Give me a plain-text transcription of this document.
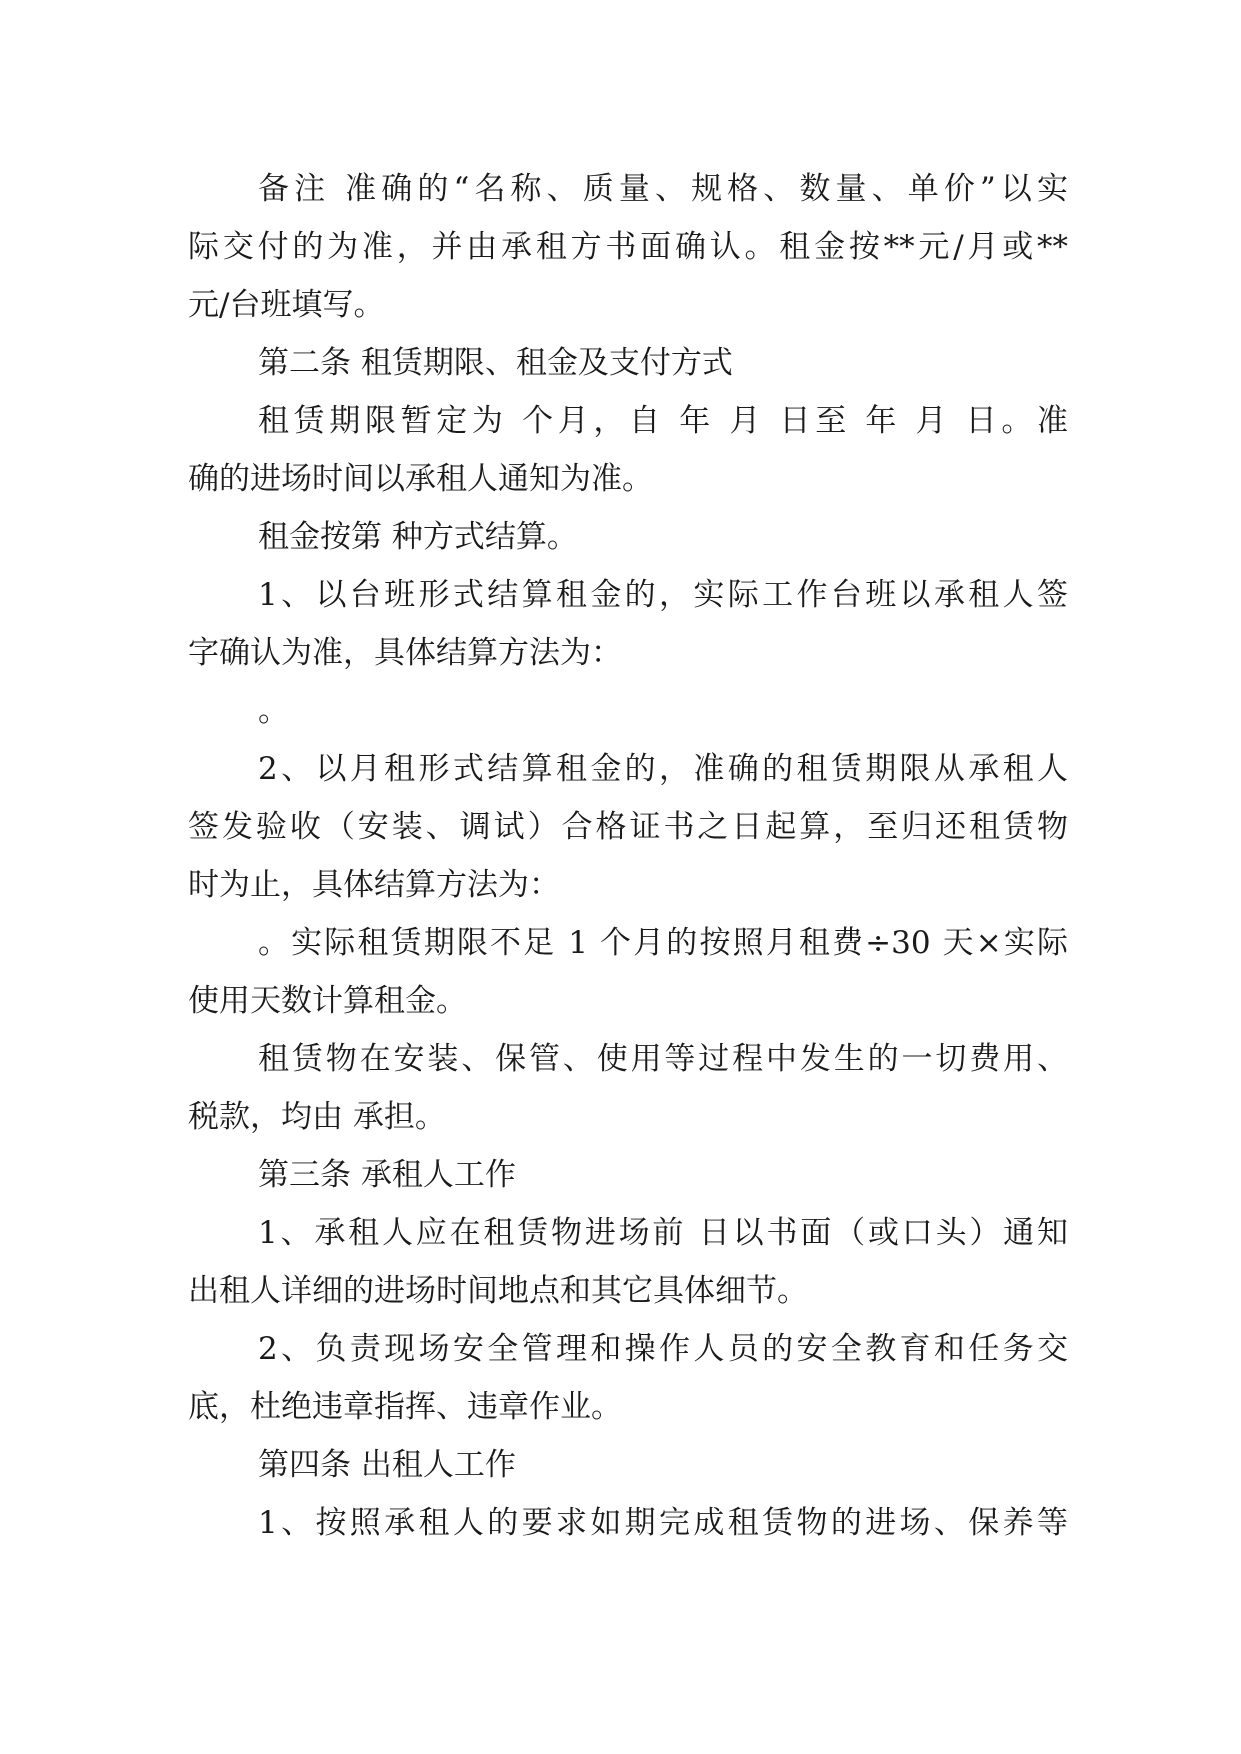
备注 准确的“名称、质量、规格、数量、单价”以实
际交付的为准，并由承租方书面确认。租金按**元/月或**
元/台班填写。
第二条 租赁期限、租金及支付方式
租赁期限暂定为 个月，自 年 月 日至 年 月 日。准
确的进场时间以承租人通知为准。
租金按第 种方式结算。
1、以台班形式结算租金的，实际工作台班以承租人签
字确认为准，具体结算方法为：
。
2、以月租形式结算租金的，准确的租赁期限从承租人
签发验收（安装、调试）合格证书之日起算，至归还租赁物
时为止，具体结算方法为：
。实际租赁期限不足 1 个月的按照月租费÷30 天×实际
使用天数计算租金。
租赁物在安装、保管、使用等过程中发生的一切费用、
税款，均由 承担。
第三条 承租人工作
1、承租人应在租赁物进场前 日以书面（或口头）通知
出租人详细的进场时间地点和其它具体细节。
2、负责现场安全管理和操作人员的安全教育和任务交
底，杜绝违章指挥、违章作业。
第四条 出租人工作
1、按照承租人的要求如期完成租赁物的进场、保养等
